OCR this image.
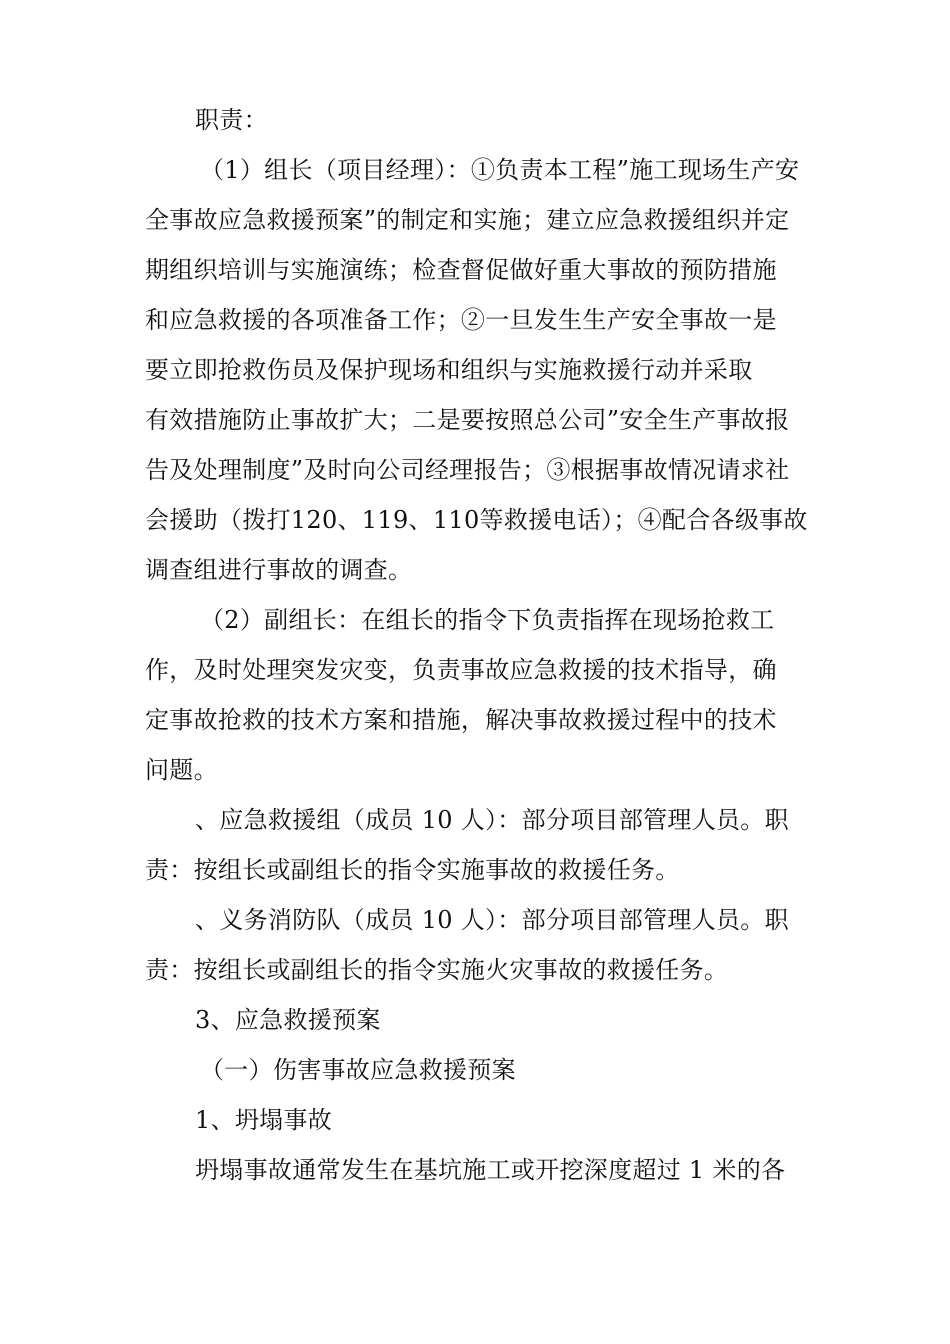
职责：
（1）组长（项目经理）：①负责本工程”施工现场生产安
全事故应急救援预案”的制定和实施；建立应急救援组织并定
期组织培训与实施演练；检查督促做好重大事故的预防措施
和应急救援的各项准备工作；②一旦发生生产安全事故一是
要立即抢救伤员及保护现场和组织与实施救援行动并采取
有效措施防止事故扩大；二是要按照总公司”安全生产事故报
告及处理制度”及时向公司经理报告；③根据事故情况请求社
会援助（拨打120、119、110等救援电话）；④配合各级事故
调查组进行事故的调查。
（2）副组长：在组长的指令下负责指挥在现场抢救工
作，及时处理突发灾变，负责事故应急救援的技术指导，确
定事故抢救的技术方案和措施，解决事故救援过程中的技术
问题。
、应急救援组（成员 10 人）：部分项目部管理人员。职
责：按组长或副组长的指令实施事故的救援任务。
、义务消防队（成员 10 人）：部分项目部管理人员。职
责：按组长或副组长的指令实施火灾事故的救援任务。
3、应急救援预案
（一）伤害事故应急救援预案
1、坍塌事故
坍塌事故通常发生在基坑施工或开挖深度超过 1 米的各
